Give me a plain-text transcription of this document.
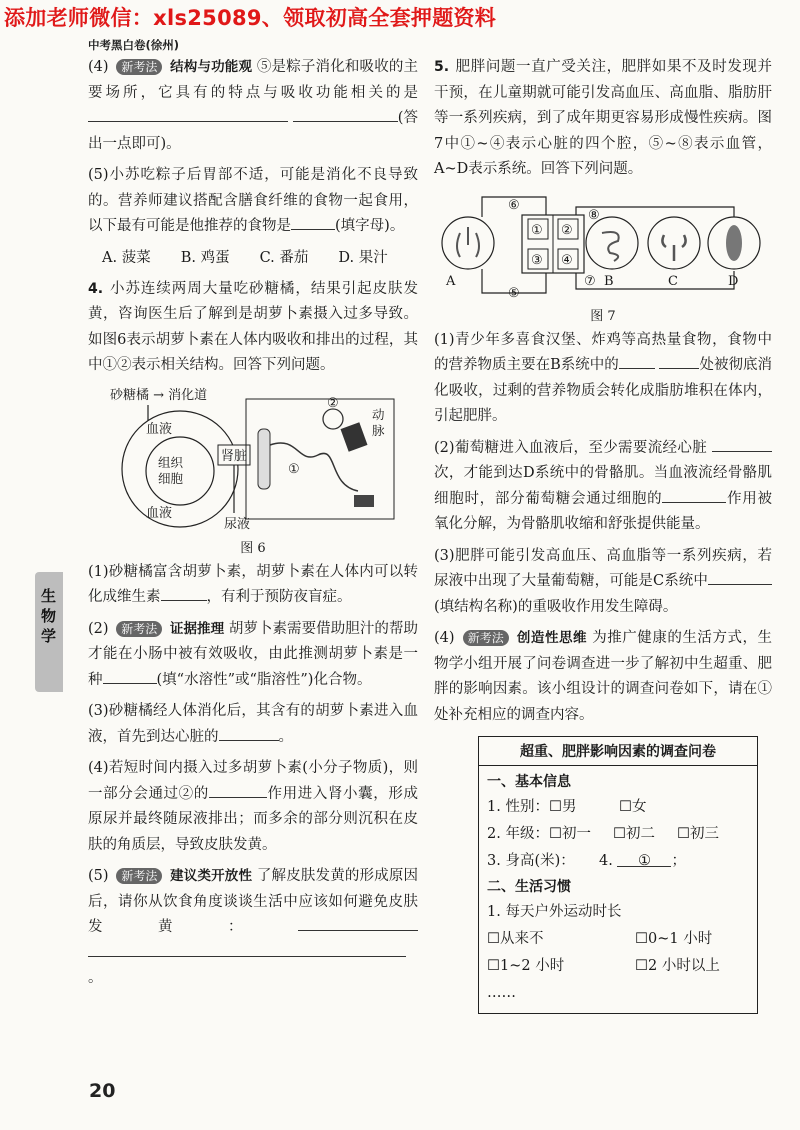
添加老师微信：xls25089、领取初高全套押题资料
中考黑白卷(徐州)
生物学

(4) 新考法 结构与功能观 ⑤是粽子消化和吸收的主要场所，它具有的特点与吸收功能相关的是  (答出一点即可)。

(5)小苏吃粽子后胃部不适，可能是消化不良导致的。营养师建议搭配含膳食纤维的食物一起食用，以下最有可能是他推荐的食物是	(填字母)。

A. 菠菜 B. 鸡蛋 C. 番茄 D. 果汁

4. 小苏连续两周大量吃砂糖橘，结果引起皮肤发黄，咨询医生后了解到是胡萝卜素摄入过多导致。如图6表示胡萝卜素在人体内吸收和排出的过程，其中①②表示相关结构。回答下列问题。

砂糖橘 → 消化道
血液
组织
细胞
血液
肾脏
尿液
②
①
动
脉
图 6

(1)砂糖橘富含胡萝卜素，胡萝卜素在人体内可以转化成维生素	，有利于预防夜盲症。

(2) 新考法 证据推理 胡萝卜素需要借助胆汁的帮助才能在小肠中被有效吸收，由此推测胡萝卜素是一种	(填“水溶性”或“脂溶性”)化合物。

(3)砂糖橘经人体消化后，其含有的胡萝卜素进入血液，首先到达心脏的	。

(4)若短时间内摄入过多胡萝卜素(小分子物质)，则一部分会通过②的	作用进入肾小囊，形成原尿并最终随尿液排出；而多余的部分则沉积在皮肤的角质层，导致皮肤发黄。

(5) 新考法 建议类开放性 了解皮肤发黄的形成原因后，请你从饮食角度谈谈生活中应该如何避免皮肤发黄： 。

5. 肥胖问题一直广受关注，肥胖如果不及时发现并干预，在儿童期就可能引发高血压、高血脂、脂肪肝等一系列疾病，到了成年期更容易形成慢性疾病。图7中①~④表示心脏的四个腔，⑤~⑧表示血管，A~D表示系统。回答下列问题。

⑥
⑧
⑤
⑦
① ②
③ ④
A	B	C	D
图 7

(1)青少年多喜食汉堡、炸鸡等高热量食物，食物中的营养物质主要在B系统中的	处被彻底消化吸收，过剩的营养物质会转化成脂肪堆积在体内，引起肥胖。

(2)葡萄糖进入血液后，至少需要流经心脏 次，才能到达D系统中的骨骼肌。当血液流经骨骼肌细胞时，部分葡萄糖会通过细胞的	作用被氧化分解，为骨骼肌收缩和舒张提供能量。

(3)肥胖可能引发高血压、高血脂等一系列疾病，若尿液中出现了大量葡萄糖，可能是C系统中(填结构名称)的重吸收作用发生障碍。

(4) 新考法 创造性思维 为推广健康的生活方式，生物学小组开展了问卷调查进一步了解初中生超重、肥胖的影响因素。该小组设计的调查问卷如下，请在①处补充相应的调查内容。

超重、肥胖影响因素的调查问卷
一、基本信息
1. 性别：☐男	☐女
2. 年级：☐初一 ☐初二 ☐初三
3. 身高(米)： 4. ① ；
二、生活习惯
1. 每天户外运动时长
☐从来不	☐0~1 小时
☐1~2 小时	☐2 小时以上
……
20
